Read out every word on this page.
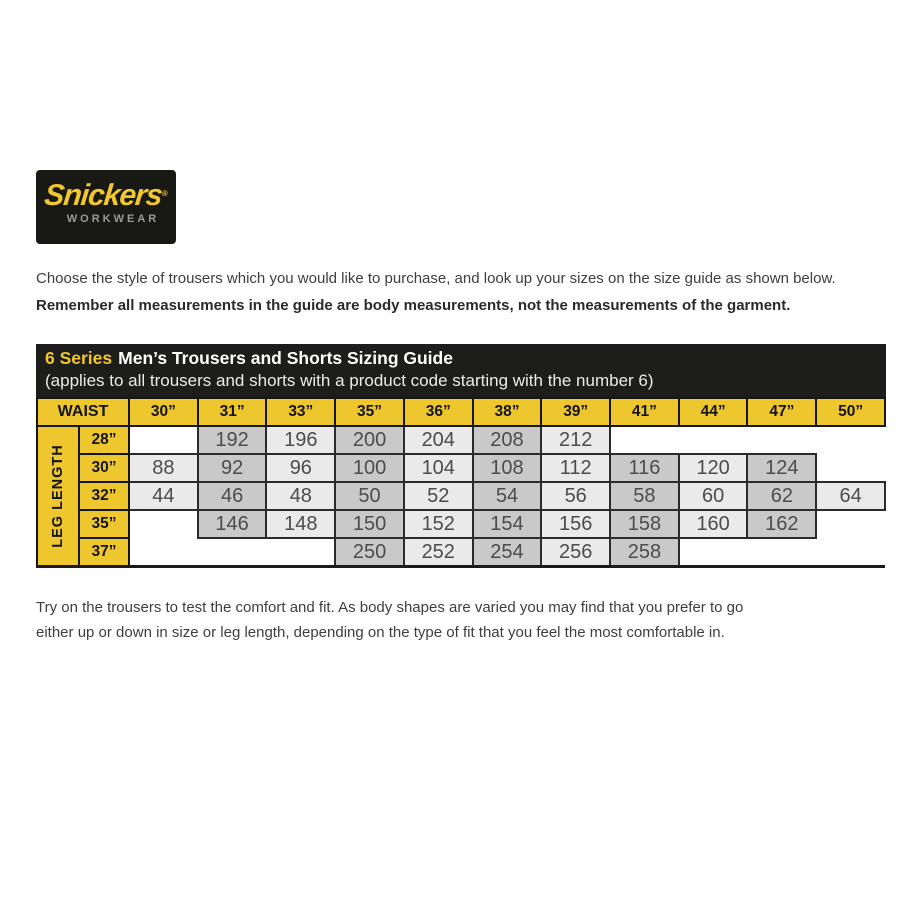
Snickers®
WORKWEAR

Choose the style of trousers which you would like to purchase, and look up your sizes on the size guide as shown below.

Remember all measurements in the guide are body measurements, not the measurements of the garment.

6 Series Men’s Trousers and Shorts Sizing Guide
(applies to all trousers and shorts with a product code starting with the number 6)
WAIST		30”	31”	33”	35”	36”	38”	39”	41”	44”	47”	50”

LEG LENGTH	28”		192	196	200	204	208	212				
	30”	88	92	96	100	104	108	112	116	120	124	
	32”	44	46	48	50	52	54	56	58	60	62	64
	35”		146	148	150	152	154	156	158	160	162	
	37”				250	252	254	256	258			

Try on the trousers to test the comfort and fit. As body shapes are varied you may find that you prefer to go

either up or down in size or leg length, depending on the type of fit that you feel the most comfortable in.
